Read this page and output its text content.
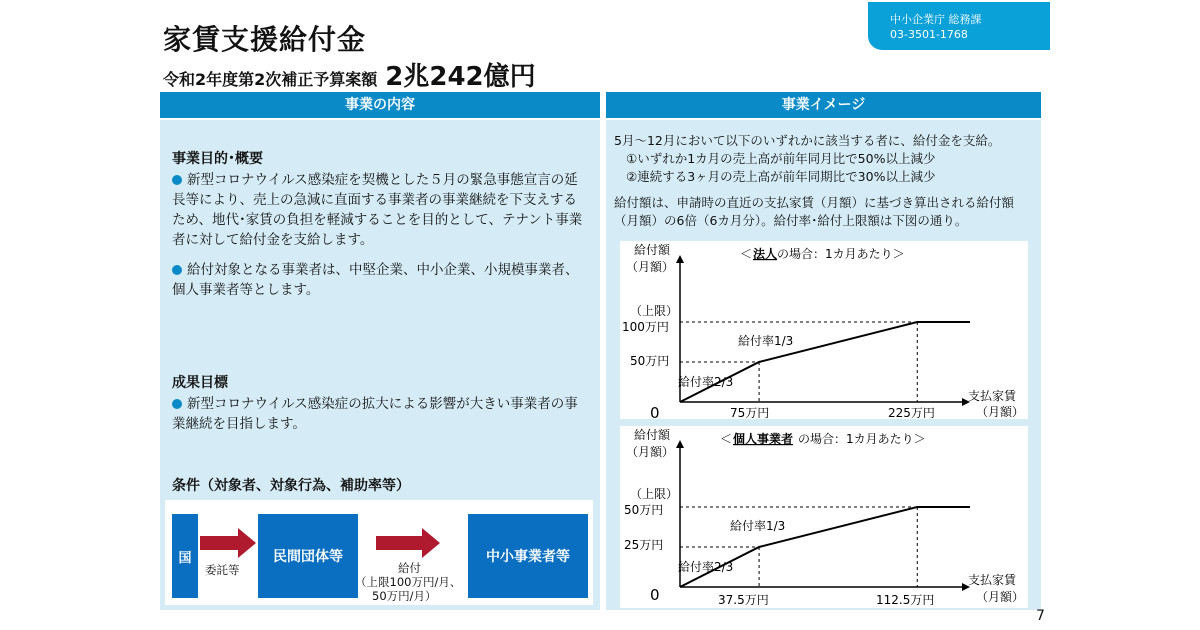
家賃支援給付金
令和2年度第2次補正予算案額 2兆242億円
中小企業庁 総務課
03-3501-1768
事業の内容
事業目的･概要
新型コロナウイルス感染症を契機とした５月の緊急事態宣言の延長等により、売上の急減に直面する事業者の事業継続を下支えするため、地代･家賃の負担を軽減することを目的として、テナント事業者に対して給付金を支給します。
給付対象となる事業者は、中堅企業、中小企業、小規模事業者、個人事業者等とします。
成果目標
新型コロナウイルス感染症の拡大による影響が大きい事業者の事業継続を目指します。
条件（対象者、対象行為、補助率等）
国
委託等
民間団体等
給付
（上限100万円/月、
50万円/月）
中小事業者等
事業イメージ
5月～12月において以下のいずれかに該当する者に、給付金を支給。
①いずれか1カ月の売上高が前年同月比で50%以上減少
②連続する3ヶ月の売上高が前年同期比で30%以上減少
給付額は、申請時の直近の支払家賃（月額）に基づき算出される給付額
（月額）の6倍（6カ月分）。給付率･給付上限額は下図の通り。
給付額
（月額）
＜ 法人 の場合：1カ月あたり＞
（上限）
100万円
50万円
0	75万円	225万円
支払家賃
（月額）
給付率1/3
給付率2/3
給付額
（月額）
＜ 個人事業者 の場合：1カ月あたり＞
（上限）
50万円
25万円
0	37.5万円	112.5万円
支払家賃
（月額）
給付率1/3
給付率2/3
7
